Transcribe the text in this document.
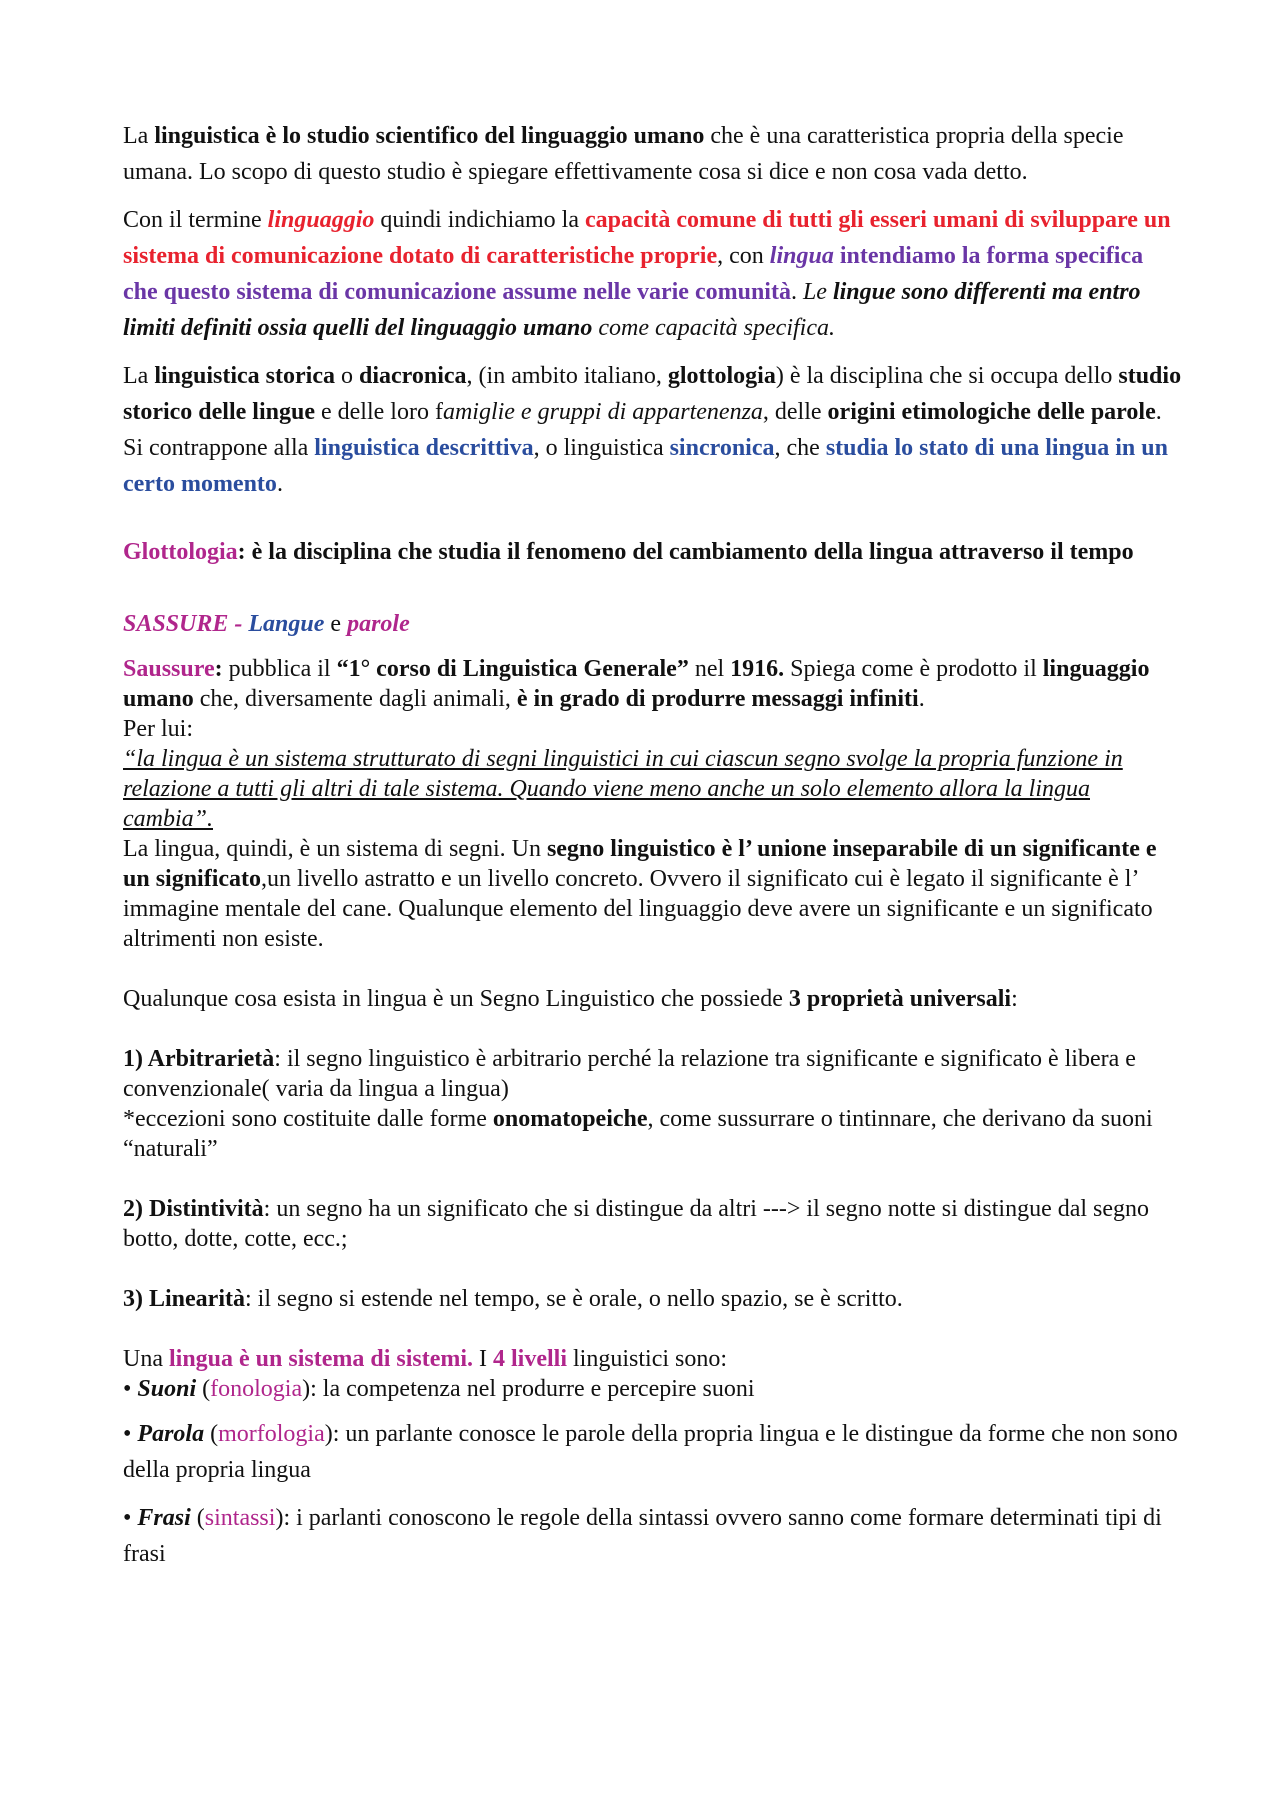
La linguistica è lo studio scientifico del linguaggio umano che è una caratteristica propria della specie umana. Lo scopo di questo studio è spiegare effettivamente cosa si dice e non cosa vada detto.

Con il termine linguaggio quindi indichiamo la capacità comune di tutti gli esseri umani di sviluppare un sistema di comunicazione dotato di caratteristiche proprie, con lingua intendiamo la forma specifica che questo sistema di comunicazione assume nelle varie comunità. Le lingue sono differenti ma entro limiti definiti ossia quelli del linguaggio umano come capacità specifica.

La linguistica storica o diacronica, (in ambito italiano, glottologia) è la disciplina che si occupa dello studio storico delle lingue e delle loro famiglie e gruppi di appartenenza, delle origini etimologiche delle parole. Si contrappone alla linguistica descrittiva, o linguistica sincronica, che studia lo stato di una lingua in un certo momento.

Glottologia: è la disciplina che studia il fenomeno del cambiamento della lingua attraverso il tempo

SASSURE - Langue e parole

Saussure: pubblica il “1° corso di Linguistica Generale” nel 1916. Spiega come è prodotto il linguaggio umano che, diversamente dagli animali, è in grado di produrre messaggi infiniti.

Per lui:

“la lingua è un sistema strutturato di segni linguistici in cui ciascun segno svolge la propria funzione in relazione a tutti gli altri di tale sistema. Quando viene meno anche un solo elemento allora la lingua cambia”.

La lingua, quindi, è un sistema di segni. Un segno linguistico è l’ unione inseparabile di un significante e un significato,un livello astratto e un livello concreto. Ovvero il significato cui è legato il significante è l’ immagine mentale del cane. Qualunque elemento del linguaggio deve avere un significante e un significato altrimenti non esiste.

Qualunque cosa esista in lingua è un Segno Linguistico che possiede 3 proprietà universali:

1) Arbitrarietà: il segno linguistico è arbitrario perché la relazione tra significante e significato è libera e convenzionale( varia da lingua a lingua)

*eccezioni sono costituite dalle forme onomatopeiche, come sussurrare o tintinnare, che derivano da suoni “naturali”

2) Distintività: un segno ha un significato che si distingue da altri ---> il segno notte si distingue dal segno botto, dotte, cotte, ecc.;

3) Linearità: il segno si estende nel tempo, se è orale, o nello spazio, se è scritto.

Una lingua è un sistema di sistemi. I 4 livelli linguistici sono:

• Suoni (fonologia): la competenza nel produrre e percepire suoni

• Parola (morfologia): un parlante conosce le parole della propria lingua e le distingue da forme che non sono della propria lingua

• Frasi (sintassi): i parlanti conoscono le regole della sintassi ovvero sanno come formare determinati tipi di frasi
